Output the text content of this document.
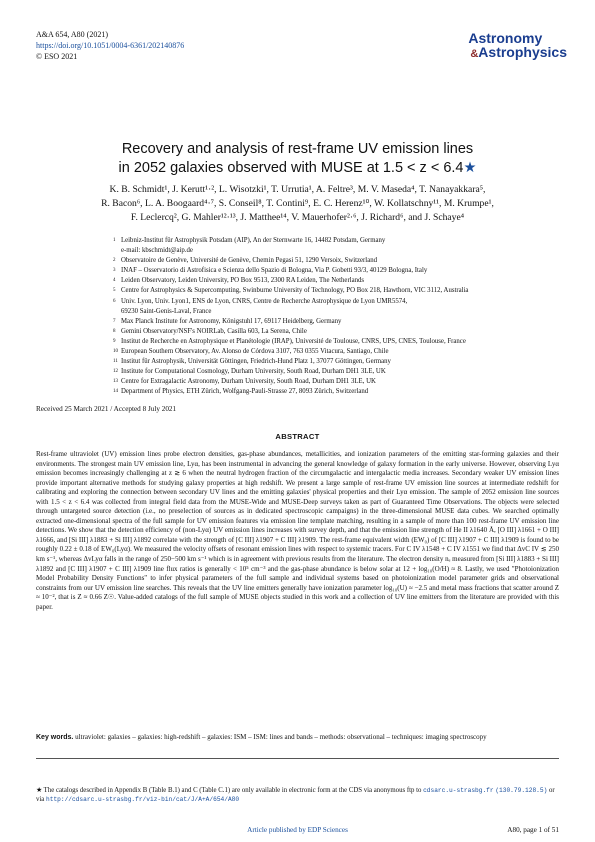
A&A 654, A80 (2021)
https://doi.org/10.1051/0004-6361/202140876
© ESO 2021
Astronomy
&Astrophysics
Recovery and analysis of rest-frame UV emission lines
in 2052 galaxies observed with MUSE at 1.5 < z < 6.4★
K. B. Schmidt¹, J. Kerutt¹·², L. Wisotzki¹, T. Urrutia¹, A. Feltre³, M. V. Maseda⁴, T. Nanayakkara⁵,
R. Bacon⁶, L. A. Boogaard⁴·⁷, S. Conseil⁸, T. Contini⁹, E. C. Herenz¹⁰, W. Kollatschny¹¹, M. Krumpe¹,
F. Leclercq², G. Mahler¹²·¹³, J. Matthee¹⁴, V. Mauerhofer²·⁶, J. Richard⁶, and J. Schaye⁴
1 Leibniz-Institut für Astrophysik Potsdam (AIP), An der Sternwarte 16, 14482 Potsdam, Germany
e-mail: kbschmidt@aip.de
2 Observatoire de Genève, Université de Genève, Chemin Pegasi 51, 1290 Versoix, Switzerland
3 INAF – Osservatorio di Astrofisica e Scienza dello Spazio di Bologna, Via P. Gobetti 93/3, 40129 Bologna, Italy
4 Leiden Observatory, Leiden University, PO Box 9513, 2300 RA Leiden, The Netherlands
5 Centre for Astrophysics & Supercomputing, Swinburne University of Technology, PO Box 218, Hawthorn, VIC 3112, Australia
6 Univ. Lyon, Univ. Lyon1, ENS de Lyon, CNRS, Centre de Recherche Astrophysique de Lyon UMR5574,
69230 Saint-Genis-Laval, France
7 Max Planck Institute for Astronomy, Königstuhl 17, 69117 Heidelberg, Germany
8 Gemini Observatory/NSF's NOIRLab, Casilla 603, La Serena, Chile
9 Institut de Recherche en Astrophysique et Planétologie (IRAP), Université de Toulouse, CNRS, UPS, CNES, Toulouse, France
10 European Southern Observatory, Av. Alonso de Córdova 3107, 763 0355 Vitacura, Santiago, Chile
11 Institut für Astrophysik, Universität Göttingen, Friedrich-Hund Platz 1, 37077 Göttingen, Germany
12 Institute for Computational Cosmology, Durham University, South Road, Durham DH1 3LE, UK
13 Centre for Extragalactic Astronomy, Durham University, South Road, Durham DH1 3LE, UK
14 Department of Physics, ETH Zürich, Wolfgang-Pauli-Strasse 27, 8093 Zürich, Switzerland
Received 25 March 2021 / Accepted 8 July 2021
ABSTRACT
Rest-frame ultraviolet (UV) emission lines probe electron densities, gas-phase abundances, metallicities, and ionization parameters of the emitting star-forming galaxies and their environments. The strongest main UV emission line, Lyα, has been instrumental in advancing the general knowledge of galaxy formation in the early universe. However, observing Lyα emission becomes increasingly challenging at z ≳ 6 when the neutral hydrogen fraction of the circumgalactic and intergalactic media increases. Secondary weaker UV emission lines provide important alternative methods for studying galaxy properties at high redshift. We present a large sample of rest-frame UV emission line sources at intermediate redshift for calibrating and exploring the connection between secondary UV lines and the emitting galaxies' physical properties and their Lyα emission. The sample of 2052 emission line sources with 1.5 < z < 6.4 was collected from integral field data from the MUSE-Wide and MUSE-Deep surveys taken as part of Guaranteed Time Observations. The objects were selected through untargeted source detection (i.e., no preselection of sources as in dedicated spectroscopic campaigns) in the three-dimensional MUSE data cubes. We searched optimally extracted one-dimensional spectra of the full sample for UV emission features via emission line template matching, resulting in a sample of more than 100 rest-frame UV emission line detections. We show that the detection efficiency of (non-Lyα) UV emission lines increases with survey depth, and that the emission line strength of He II λ1640 Å, [O III] λ1661 + O III] λ1666, and [Si III] λ1883 + Si III] λ1892 correlate with the strength of [C III] λ1907 + C III] λ1909. The rest-frame equivalent width (EW₀) of [C III] λ1907 + C III] λ1909 is found to be roughly 0.22 ± 0.18 of EW₀(Lyα). We measured the velocity offsets of resonant emission lines with respect to systemic tracers. For C IV λ1548 + C IV λ1551 we find that ΔvC IV ≲ 250 km s⁻¹, whereas ΔvLyα falls in the range of 250−500 km s⁻¹ which is in agreement with previous results from the literature. The electron density nₑ measured from [Si III] λ1883 + Si III] λ1892 and [C III] λ1907 + C III] λ1909 line flux ratios is generally < 10⁵ cm⁻³ and the gas-phase abundance is below solar at 12 + log₁₀(O/H) ≈ 8. Lastly, we used "Photoionization Model Probability Density Functions" to infer physical parameters of the full sample and individual systems based on photoionization model parameter grids and observational constraints from our UV emission line searches. This reveals that the UV line emitters generally have ionization parameter log₁₀(U) ≈ −2.5 and metal mass fractions that scatter around Z ≈ 10⁻², that is Z ≈ 0.66 Z☉. Value-added catalogs of the full sample of MUSE objects studied in this work and a collection of UV line emitters from the literature are provided with this paper.
Key words. ultraviolet: galaxies – galaxies: high-redshift – galaxies: ISM – ISM: lines and bands – methods: observational – techniques: imaging spectroscopy
★ The catalogs described in Appendix B (Table B.1) and C (Table C.1) are only available in electronic form at the CDS via anonymous ftp to cdsarc.u-strasbg.fr (130.79.128.5) or via http://cdsarc.u-strasbg.fr/viz-bin/cat/J/A+A/654/A80
Article published by EDP Sciences	A80, page 1 of 51
